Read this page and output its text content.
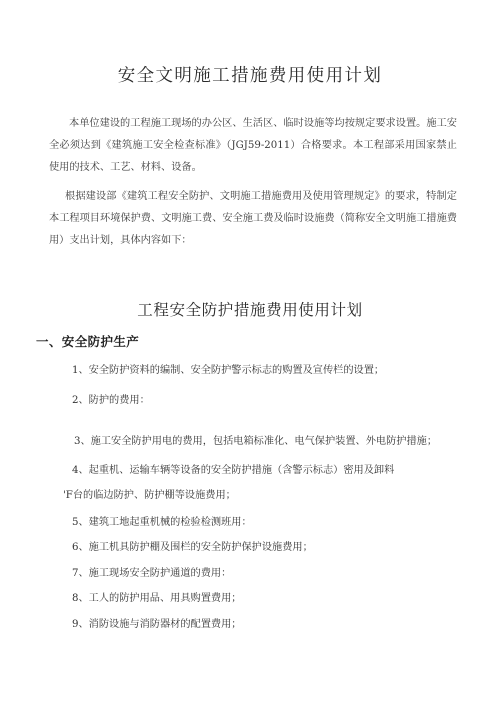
安全文明施工措施费用使用计划

本单位建设的工程施工现场的办公区、生活区、临时设施等均按规定要求设置。施工安全必须达到《建筑施工安全检查标准》（JGJ59-2011）合格要求。本工程部采用国家禁止使用的技术、工艺、材料、设备。

根据建设部《建筑工程安全防护、文明施工措施费用及使用管理规定》的要求，特制定本工程项目环境保护费、文明施工费、安全施工费及临时设施费（简称安全文明施工措施费用）支出计划，具体内容如下：

工程安全防护措施费用使用计划
一、安全防护生产

1、安全防护资料的编制、安全防护警示标志的购置及宣传栏的设置；

2、防护的费用：

3、施工安全防护用电的费用，包括电箱标准化、电气保护装置、外电防护措施；

4、起重机、运输车辆等设备的安全防护措施（含警示标志）密用及卸料

'F台的临边防护、防护棚等设施费用；

5、建筑工地起重机械的检验检测班用：

6、施工机具防护棚及围栏的安全防护保护设施费用；

7、施工现场安全防护通道的费用：

8、工人的防护用品、用具购置费用；

9、消防设施与消防器材的配置费用；
